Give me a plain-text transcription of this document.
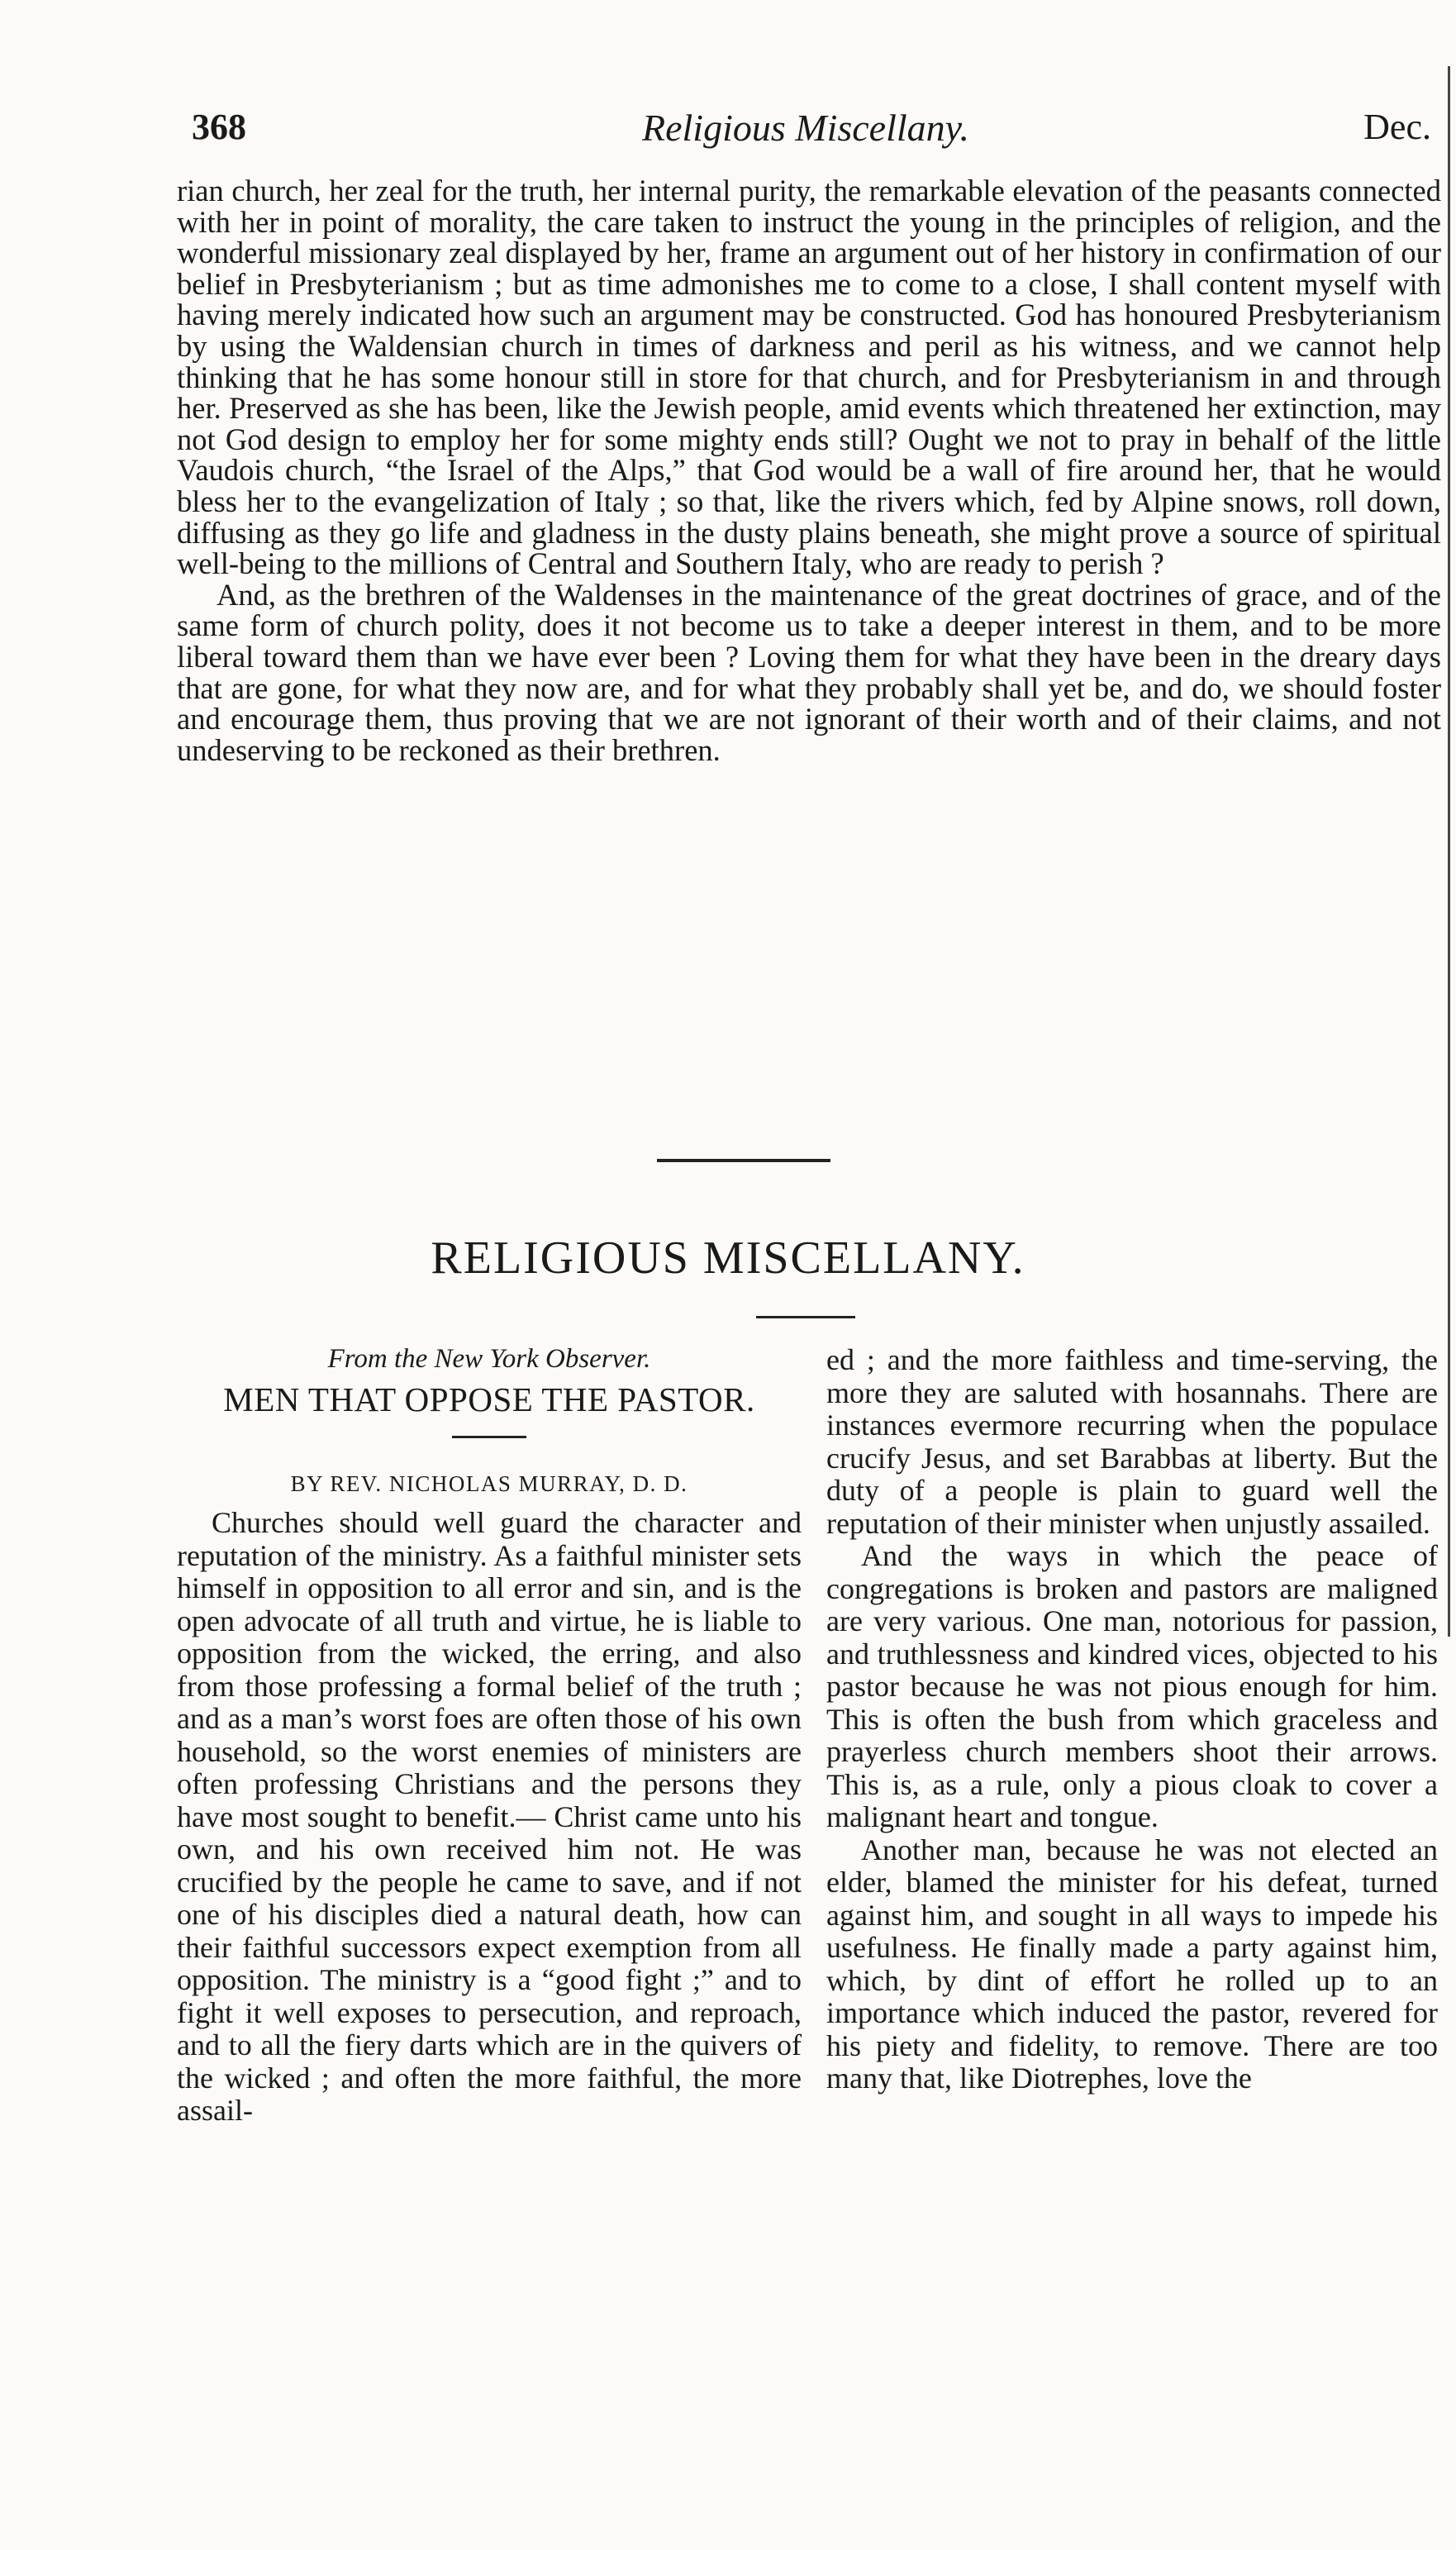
368	Religious Miscellany.	Dec.

rian church, her zeal for the truth, her internal purity, the remarkable elevation of the peasants connected with her in point of morality, the care taken to instruct the young in the principles of religion, and the wonderful missionary zeal displayed by her, frame an argument out of her history in confirmation of our belief in Presbyterianism ; but as time admonishes me to come to a close, I shall content myself with having merely indicated how such an argument may be constructed. God has honoured Presbyterianism by using the Waldensian church in times of darkness and peril as his witness, and we cannot help thinking that he has some honour still in store for that church, and for Presbyterianism in and through her. Preserved as she has been, like the Jewish people, amid events which threatened her extinction, may not God design to employ her for some mighty ends still? Ought we not to pray in behalf of the little Vaudois church, “the Israel of the Alps,” that God would be a wall of fire around her, that he would bless her to the evangelization of Italy ; so that, like the rivers which, fed by Alpine snows, roll down, diffusing as they go life and gladness in the dusty plains beneath, she might prove a source of spiritual well-being to the millions of Central and Southern Italy, who are ready to perish ?

And, as the brethren of the Waldenses in the maintenance of the great doctrines of grace, and of the same form of church polity, does it not become us to take a deeper interest in them, and to be more liberal toward them than we have ever been ? Loving them for what they have been in the dreary days that are gone, for what they now are, and for what they probably shall yet be, and do, we should foster and encourage them, thus proving that we are not ignorant of their worth and of their claims, and not undeserving to be reckoned as their brethren.

RELIGIOUS MISCELLANY.
From the New York Observer.
MEN THAT OPPOSE THE PASTOR.
BY REV. NICHOLAS MURRAY, D. D.

Churches should well guard the character and reputation of the ministry. As a faithful minister sets himself in opposition to all error and sin, and is the open advocate of all truth and virtue, he is liable to opposition from the wicked, the erring, and also from those professing a formal belief of the truth ; and as a man’s worst foes are often those of his own household, so the worst enemies of ministers are often professing Christians and the persons they have most sought to benefit.— Christ came unto his own, and his own received him not. He was crucified by the people he came to save, and if not one of his disciples died a natural death, how can their faithful successors expect exemption from all opposition. The ministry is a “good fight ;” and to fight it well exposes to persecution, and reproach, and to all the fiery darts which are in the quivers of the wicked ; and often the more faithful, the more assail-

ed ; and the more faithless and time-serving, the more they are saluted with hosannahs. There are instances evermore recurring when the populace crucify Jesus, and set Barabbas at liberty. But the duty of a people is plain to guard well the reputation of their minister when unjustly assailed.

And the ways in which the peace of congregations is broken and pastors are maligned are very various. One man, notorious for passion, and truthlessness and kindred vices, objected to his pastor because he was not pious enough for him. This is often the bush from which graceless and prayerless church members shoot their arrows. This is, as a rule, only a pious cloak to cover a malignant heart and tongue.

Another man, because he was not elected an elder, blamed the minister for his defeat, turned against him, and sought in all ways to impede his usefulness. He finally made a party against him, which, by dint of effort he rolled up to an importance which induced the pastor, revered for his piety and fidelity, to remove. There are too many that, like Diotrephes, love the
